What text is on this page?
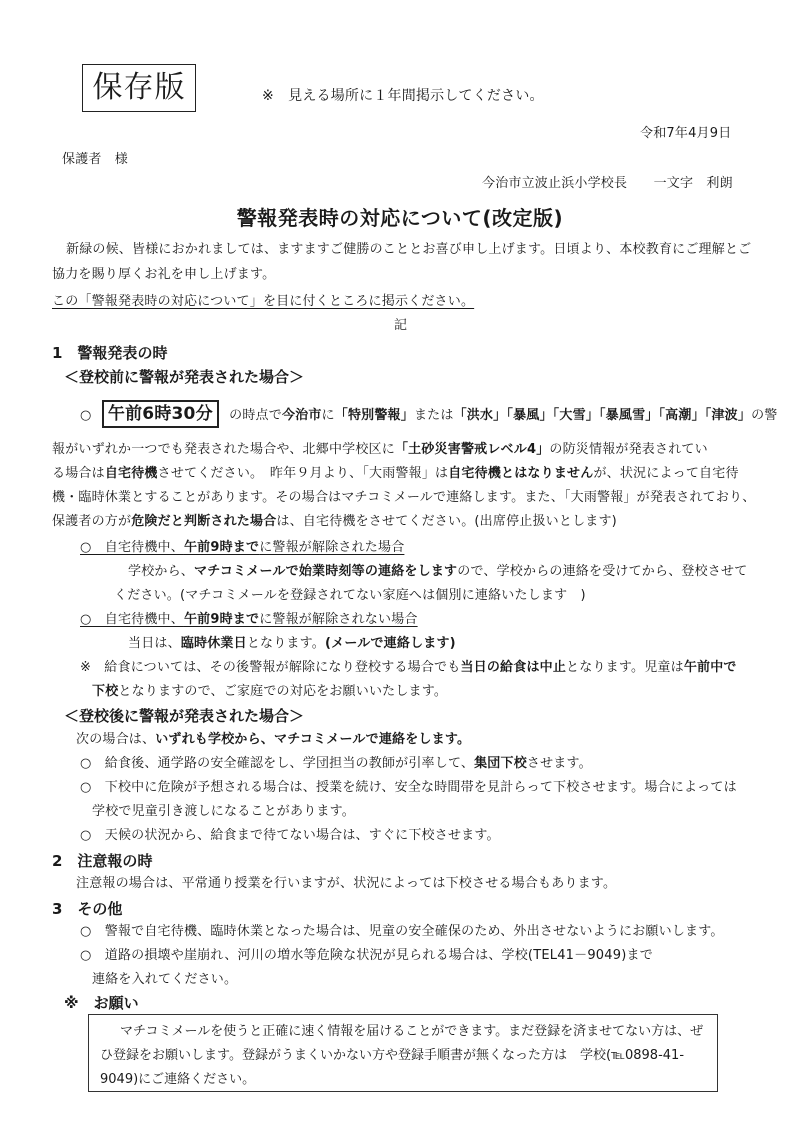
保存版	※　見える場所に１年間掲示してください。
令和7年4月9日
保護者　様
今治市立波止浜小学校長　　一文字　利朗
警報発表時の対応について(改定版)
新緑の候、皆様におかれましては、ますますご健勝のこととお喜び申し上げます。日頃より、本校教育にご理解とご
協力を賜り厚くお礼を申し上げます。
この「警報発表時の対応について」を目に付くところに掲示ください。
記
1　警報発表の時
＜登校前に警報が発表された場合＞
○ 午前6時30分 の時点で今治市に「特別警報」または「洪水」「暴風」「大雪」「暴風雪」「高潮」「津波」の警
報がいずれか一つでも発表された場合や、北郷中学校区に「土砂災害警戒レベル4」の防災情報が発表されてい
る場合は自宅待機させてください。　昨年９月より、「大雨警報」は自宅待機とはなりませんが、状況によって自宅待
機・臨時休業とすることがあります。その場合はマチコミメールで連絡します。また、「大雨警報」が発表されており、
保護者の方が危険だと判断された場合は、自宅待機をさせてください。(出席停止扱いとします)
○　自宅待機中、午前9時までに警報が解除された場合
学校から、マチコミメールで始業時刻等の連絡をしますので、学校からの連絡を受けてから、登校させて
ください。(マチコミメールを登録されてない家庭へは個別に連絡いたします　)
○　自宅待機中、午前9時までに警報が解除されない場合
当日は、臨時休業日となります。(メールで連絡します)
※　給食については、その後警報が解除になり登校する場合でも当日の給食は中止となります。児童は午前中で
下校となりますので、ご家庭での対応をお願いいたします。
＜登校後に警報が発表された場合＞
次の場合は、いずれも学校から、マチコミメールで連絡をします。
○　給食後、通学路の安全確認をし、学団担当の教師が引率して、集団下校させます。
○　下校中に危険が予想される場合は、授業を続け、安全な時間帯を見計らって下校させます。場合によっては
学校で児童引き渡しになることがあります。
○　天候の状況から、給食まで待てない場合は、すぐに下校させます。
2　注意報の時
注意報の場合は、平常通り授業を行いますが、状況によっては下校させる場合もあります。
3　その他
○　警報で自宅待機、臨時休業となった場合は、児童の安全確保のため、外出させないようにお願いします。
○　道路の損壊や崖崩れ、河川の増水等危険な状況が見られる場合は、学校(TEL41－9049)まで
連絡を入れてください。
※　お願い
マチコミメールを使うと正確に速く情報を届けることができます。まだ登録を済ませてない方は、ぜ
ひ登録をお願いします。登録がうまくいかない方や登録手順書が無くなった方は　学校(℡0898-41-
9049)にご連絡ください。
